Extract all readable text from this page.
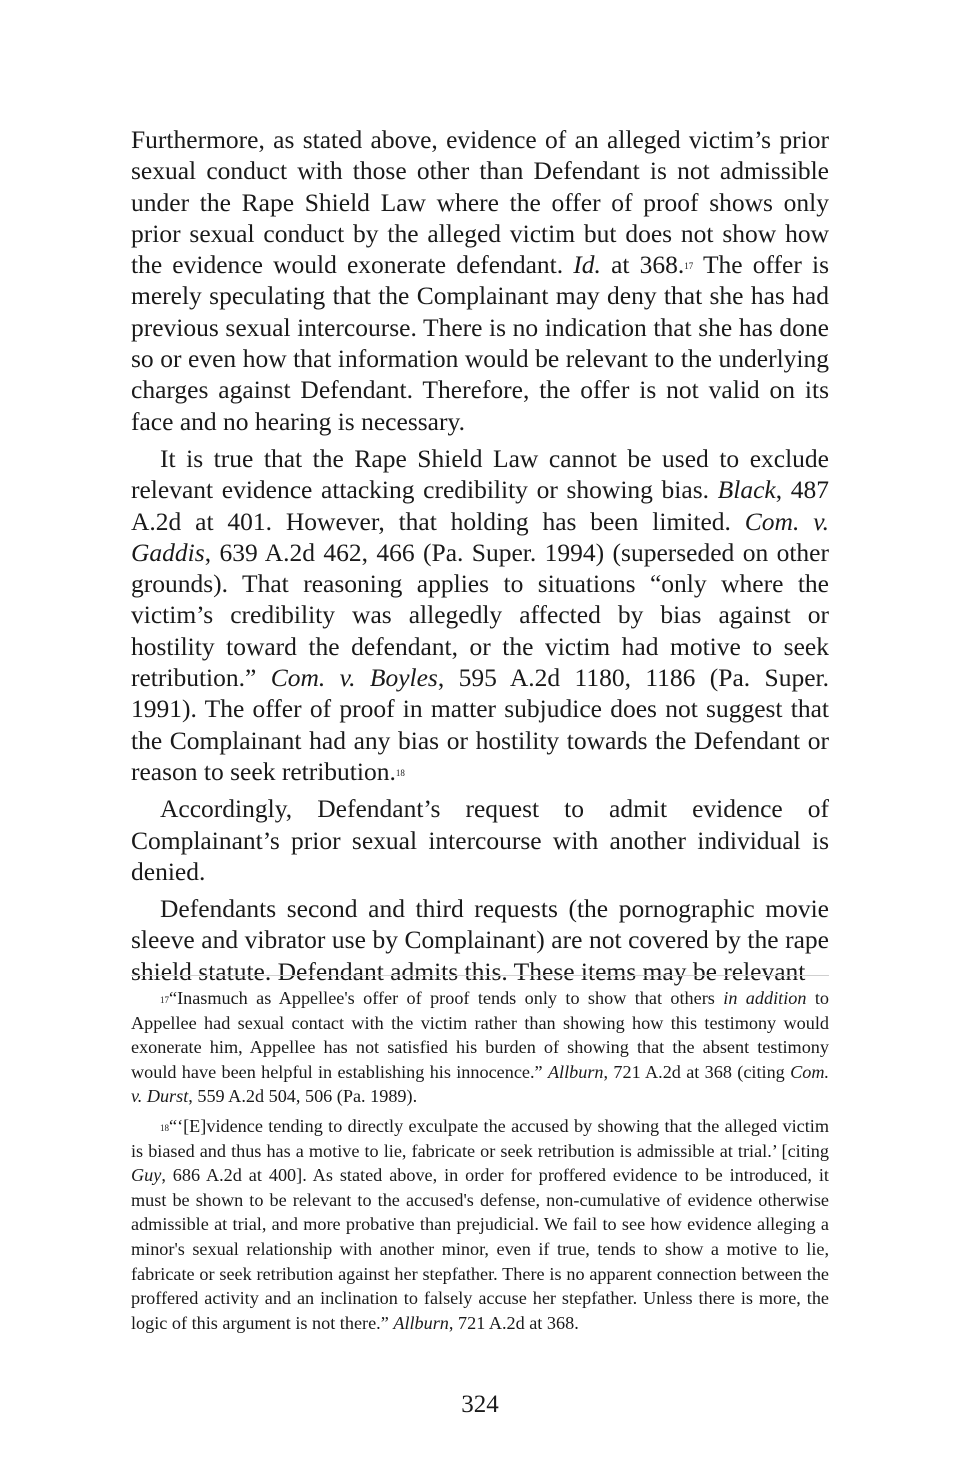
Furthermore, as stated above, evidence of an alleged victim’s prior sexual conduct with those other than Defendant is not admissible under the Rape Shield Law where the offer of proof shows only prior sexual conduct by the alleged victim but does not show how the evidence would exonerate defendant. Id. at 368.17 The offer is merely speculating that the Complainant may deny that she has had previous sexual intercourse. There is no indication that she has done so or even how that information would be relevant to the underlying charges against Defendant. Therefore, the offer is not valid on its face and no hearing is necessary.

It is true that the Rape Shield Law cannot be used to exclude relevant evidence attacking credibility or showing bias. Black, 487 A.2d at 401. However, that holding has been limited. Com. v. Gaddis, 639 A.2d 462, 466 (Pa. Super. 1994) (superseded on other grounds). That reasoning applies to situations “only where the victim’s credibility was allegedly affected by bias against or hostility toward the defendant, or the victim had motive to seek retribution.” Com. v. Boyles, 595 A.2d 1180, 1186 (Pa. Super. 1991). The offer of proof in matter subjudice does not suggest that the Complainant had any bias or hostility towards the Defendant or reason to seek retribution.$^{18}$

Accordingly, Defendant’s request to admit evidence of Complainant’s prior sexual intercourse with another individual is denied.

Defendants second and third requests (the pornographic movie sleeve and vibrator use by Complainant) are not covered by the rape shield statute. Defendant admits this. These items may be relevant

$^{17}$“Inasmuch as Appellee's offer of proof tends only to show that others in addition to Appellee had sexual contact with the victim rather than showing how this testimony would exonerate him, Appellee has not satisfied his burden of showing that the absent testimony would have been helpful in establishing his innocence.” Allburn, 721 A.2d at 368 (citing Com. v. Durst, 559 A.2d 504, 506 (Pa. 1989).

$^{18}$“‘[E]vidence tending to directly exculpate the accused by showing that the alleged victim is biased and thus has a motive to lie, fabricate or seek retribution is admissible at trial.’ [citing Guy, 686 A.2d at 400]. As stated above, in order for proffered evidence to be introduced, it must be shown to be relevant to the accused's defense, non-cumulative of evidence otherwise admissible at trial, and more probative than prejudicial. We fail to see how evidence alleging a minor's sexual relationship with another minor, even if true, tends to show a motive to lie, fabricate or seek retribution against her stepfather. There is no apparent connection between the proffered activity and an inclination to falsely accuse her stepfather. Unless there is more, the logic of this argument is not there.” Allburn, 721 A.2d at 368.

324
